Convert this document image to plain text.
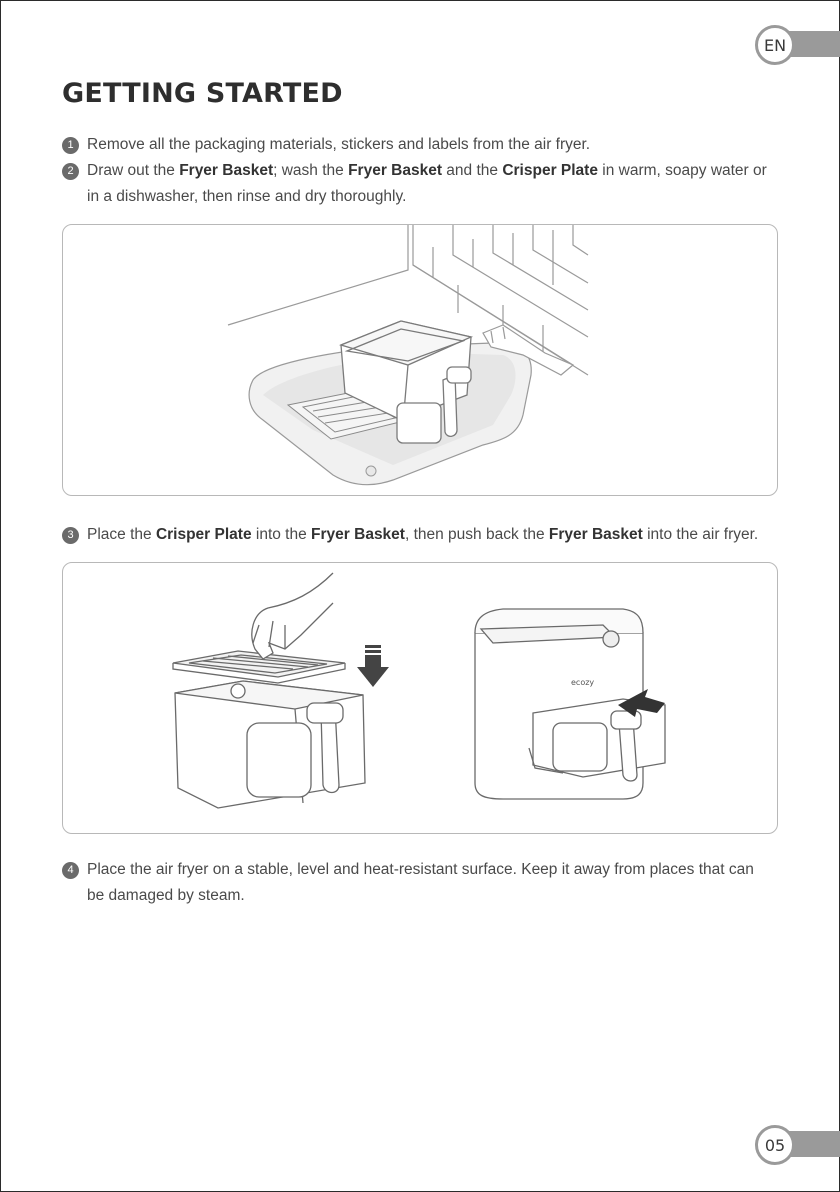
EN
GETTING STARTED
1 Remove all the packaging materials, stickers and labels from the air fryer.
2 Draw out the Fryer Basket; wash the Fryer Basket and the Crisper Plate in warm, soapy water or
in a dishwasher, then rinse and dry thoroughly.
3 Place the Crisper Plate into the Fryer Basket, then push back the Fryer Basket into the air fryer.
ecozy
4 Place the air fryer on a stable, level and heat-resistant surface. Keep it away from places that can
be damaged by steam.
05
